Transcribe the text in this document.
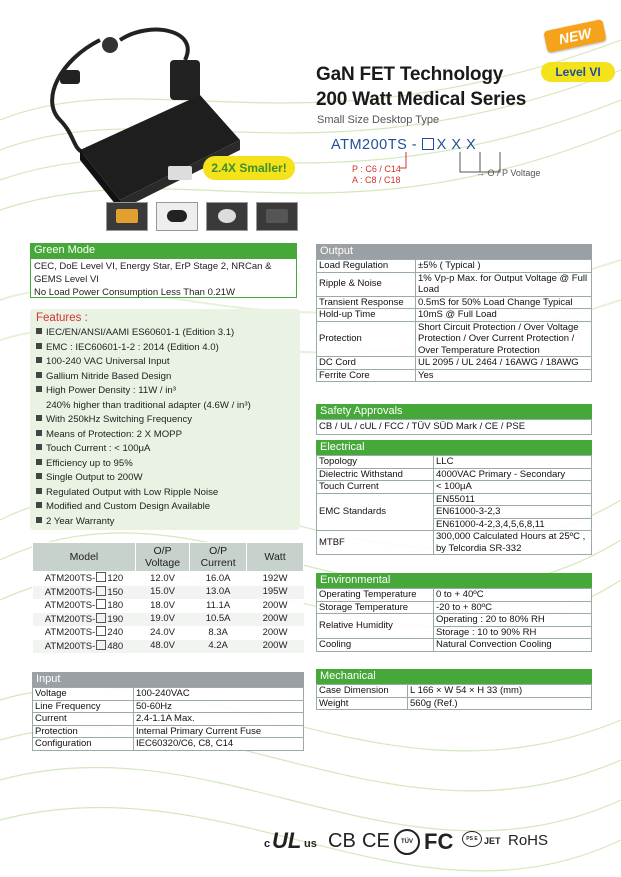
NEW
Level VI
GaN FET Technology
200 Watt Medical Series
Small Size Desktop Type
ATM200TS - X X X
P : C6 / C14
A : C8 / C18
→ O / P Voltage
2.4X Smaller!
Green Mode
CEC, DoE Level VI, Energy Star, ErP Stage 2, NRCan &
GEMS Level VI
No Load Power Consumption Less Than 0.21W
Features :
IEC/EN/ANSI/AAMI ES60601-1 (Edition 3.1)
EMC : IEC60601-1-2 : 2014 (Edition 4.0)
100-240 VAC Universal Input
Gallium Nitride Based Design
High Power Density : 11W / in³
240% higher than traditional adapter (4.6W / in³)
With 250kHz Switching Frequency
Means of Protection: 2 X MOPP
Touch Current : < 100μA
Efficiency up to 95%
Single Output to 200W
Regulated Output with Low Ripple Noise
Modified and Custom Design Available
2 Year Warranty
Model	O/P Voltage	O/P Current	Watt
ATM200TS- 120	12.0V	16.0A	192W
ATM200TS- 150	15.0V	13.0A	195W
ATM200TS- 180	18.0V	11.1A	200W
ATM200TS- 190	19.0V	10.5A	200W
ATM200TS- 240	24.0V	8.3A	200W
ATM200TS- 480	48.0V	4.2A	200W
Input
Voltage	100-240VAC
Line Frequency	50-60Hz
Current	2.4-1.1A Max.
Protection	Internal Primary Current Fuse
Configuration	IEC60320/C6, C8, C14
Output
Load Regulation	±5% ( Typical )
Ripple & Noise	1% Vp-p Max. for Output Voltage @ Full Load
Transient Response	0.5mS for 50% Load Change Typical
Hold-up Time	10mS @ Full Load
Protection	Short Circuit Protection / Over Voltage Protection / Over Current Protection / Over Temperature Protection
DC Cord	UL 2095 / UL 2464 / 16AWG / 18AWG
Ferrite Core	Yes
Safety Approvals
CB / UL / cUL / FCC / TÜV SÜD Mark / CE / PSE
Electrical
Topology	LLC
Dielectric Withstand	4000VAC Primary - Secondary
Touch Current	< 100μA
EMC Standards	EN55011
	EN61000-3-2,3
	EN61000-4-2,3,4,5,6,8,11
MTBF	300,000 Calculated Hours at 25ºC , by Telcordia SR-332
Environmental
Operating Temperature	0 to + 40ºC
Storage Temperature	-20 to + 80ºC
Relative Humidity	Operating : 20 to 80% RH
	Storage : 10 to 90% RH
Cooling	Natural Convection Cooling
Mechanical
Case Dimension	L 166 × W 54 × H 33 (mm)
Weight	560g (Ref.)
c UL us CB CE	TÜV FC	PS E JET RoHS
